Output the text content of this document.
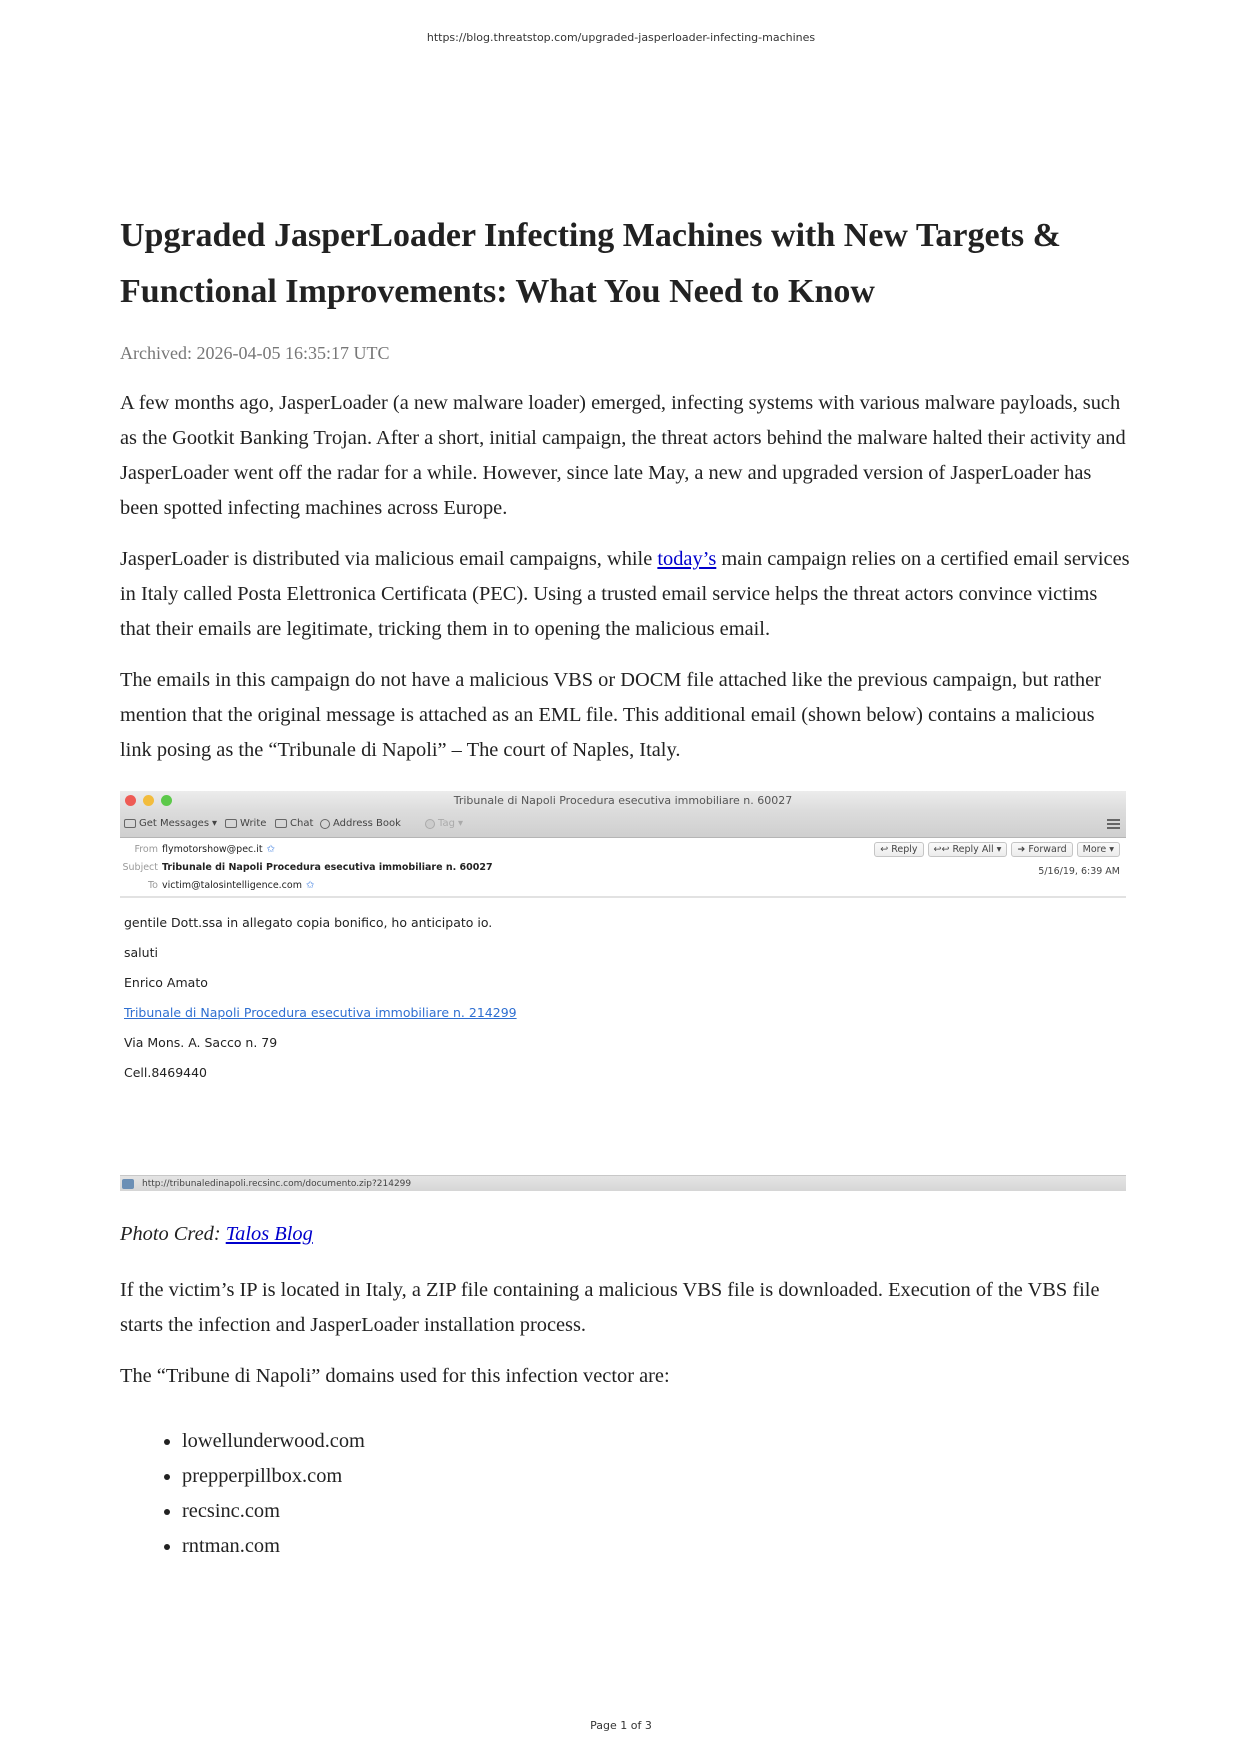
https://blog.threatstop.com/upgraded-jasperloader-infecting-machines
Upgraded JasperLoader Infecting Machines with New Targets & Functional Improvements: What You Need to Know
Archived: 2026-04-05 16:35:17 UTC

A few months ago, JasperLoader (a new malware loader) emerged, infecting systems with various malware payloads, such as the Gootkit Banking Trojan. After a short, initial campaign, the threat actors behind the malware halted their activity and JasperLoader went off the radar for a while. However, since late May, a new and upgraded version of JasperLoader has been spotted infecting machines across Europe.

JasperLoader is distributed via malicious email campaigns, while today’s main campaign relies on a certified email services in Italy called Posta Elettronica Certificata (PEC). Using a trusted email service helps the threat actors convince victims that their emails are legitimate, tricking them in to opening the malicious email.

The emails in this campaign do not have a malicious VBS or DOCM file attached like the previous campaign, but rather mention that the original message is attached as an EML file. This additional email (shown below) contains a malicious link posing as the “Tribunale di Napoli” – The court of Naples, Italy.

Tribunale di Napoli Procedura esecutiva immobiliare n. 60027
Get Messages ▾ Write Chat Address Book	Tag ▾
From flymotorshow@pec.it ✩
Subject Tribunale di Napoli Procedura esecutiva immobiliare n. 60027
To victim@talosintelligence.com ✩
↩ Reply	↩↩ Reply All ▾	➜ Forward	More ▾
5/16/19, 6:39 AM
gentile Dott.ssa in allegato copia bonifico, ho anticipato io.
saluti
Enrico Amato
Tribunale di Napoli Procedura esecutiva immobiliare n. 214299
Via Mons. A. Sacco n. 79
Cell.8469440
http://tribunaledinapoli.recsinc.com/documento.zip?214299

Photo Cred: Talos Blog

If the victim’s IP is located in Italy, a ZIP file containing a malicious VBS file is downloaded. Execution of the VBS file starts the infection and JasperLoader installation process.

The “Tribune di Napoli” domains used for this infection vector are:

• lowellunderwood.com
• prepperpillbox.com
• recsinc.com
• rntman.com
Page 1 of 3
